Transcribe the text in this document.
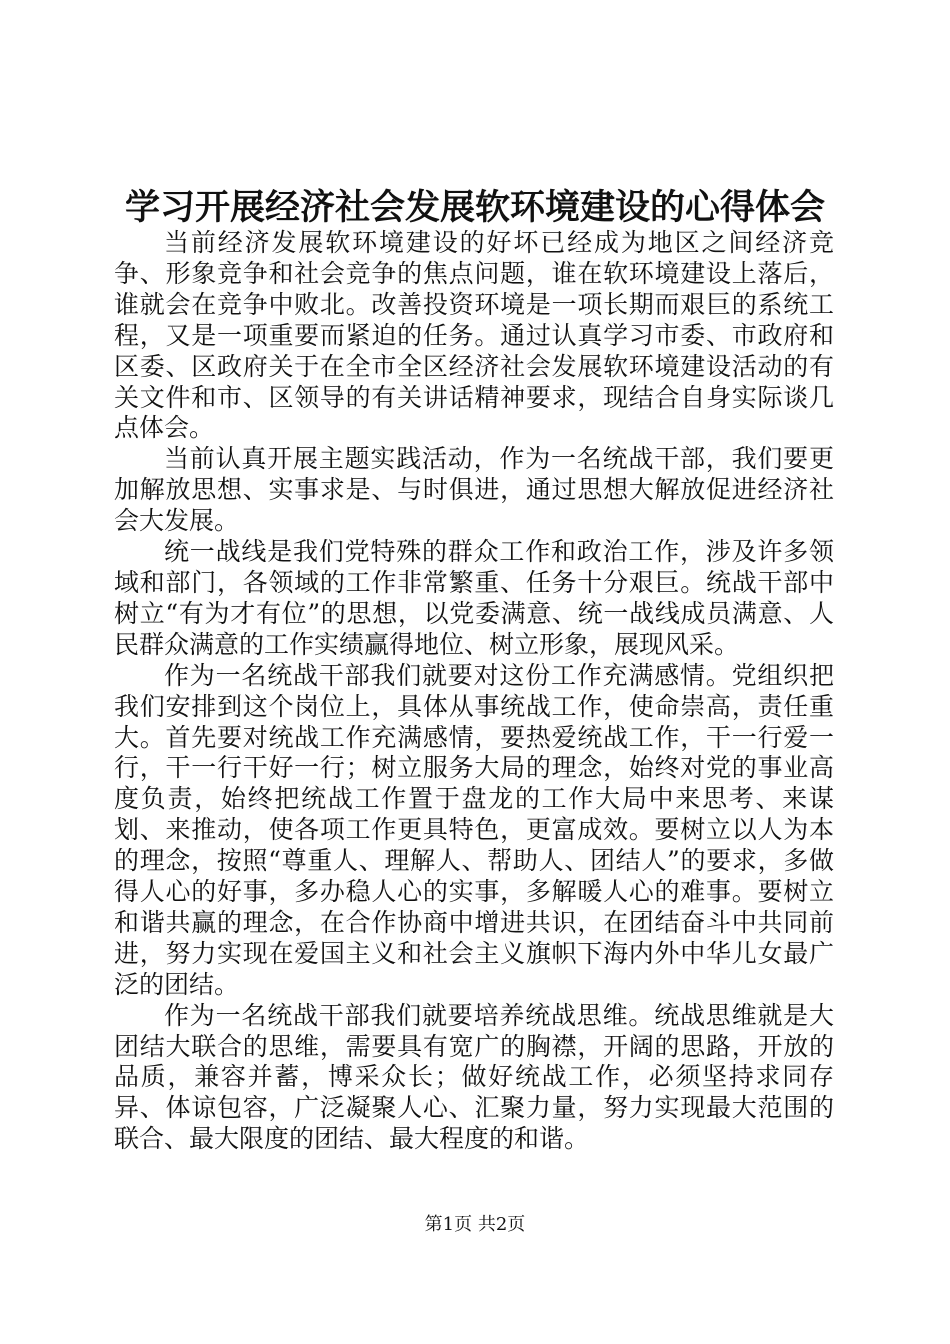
学习开展经济社会发展软环境建设的心得体会

当前经济发展软环境建设的好坏已经成为地区之间经济竞争、形象竞争和社会竞争的焦点问题，谁在软环境建设上落后，谁就会在竞争中败北。改善投资环境是一项长期而艰巨的系统工程，又是一项重要而紧迫的任务。通过认真学习市委、市政府和区委、区政府关于在全市全区经济社会发展软环境建设活动的有关文件和市、区领导的有关讲话精神要求，现结合自身实际谈几点体会。

当前认真开展主题实践活动，作为一名统战干部，我们要更加解放思想、实事求是、与时俱进，通过思想大解放促进经济社会大发展。

统一战线是我们党特殊的群众工作和政治工作，涉及许多领域和部门，各领域的工作非常繁重、任务十分艰巨。统战干部中树立“有为才有位”的思想，以党委满意、统一战线成员满意、人民群众满意的工作实绩赢得地位、树立形象，展现风采。

作为一名统战干部我们就要对这份工作充满感情。党组织把我们安排到这个岗位上，具体从事统战工作，使命崇高，责任重大。首先要对统战工作充满感情，要热爱统战工作，干一行爱一行，干一行干好一行；树立服务大局的理念，始终对党的事业高度负责，始终把统战工作置于盘龙的工作大局中来思考、来谋划、来推动，使各项工作更具特色，更富成效。要树立以人为本的理念，按照“尊重人、理解人、帮助人、团结人”的要求，多做得人心的好事，多办稳人心的实事，多解暖人心的难事。要树立和谐共赢的理念，在合作协商中增进共识，在团结奋斗中共同前进，努力实现在爱国主义和社会主义旗帜下海内外中华儿女最广泛的团结。

作为一名统战干部我们就要培养统战思维。统战思维就是大团结大联合的思维，需要具有宽广的胸襟，开阔的思路，开放的品质，兼容并蓄，博采众长；做好统战工作，必须坚持求同存异、体谅包容，广泛凝聚人心、汇聚力量，努力实现最大范围的联合、最大限度的团结、最大程度的和谐。

第1页 共2页
